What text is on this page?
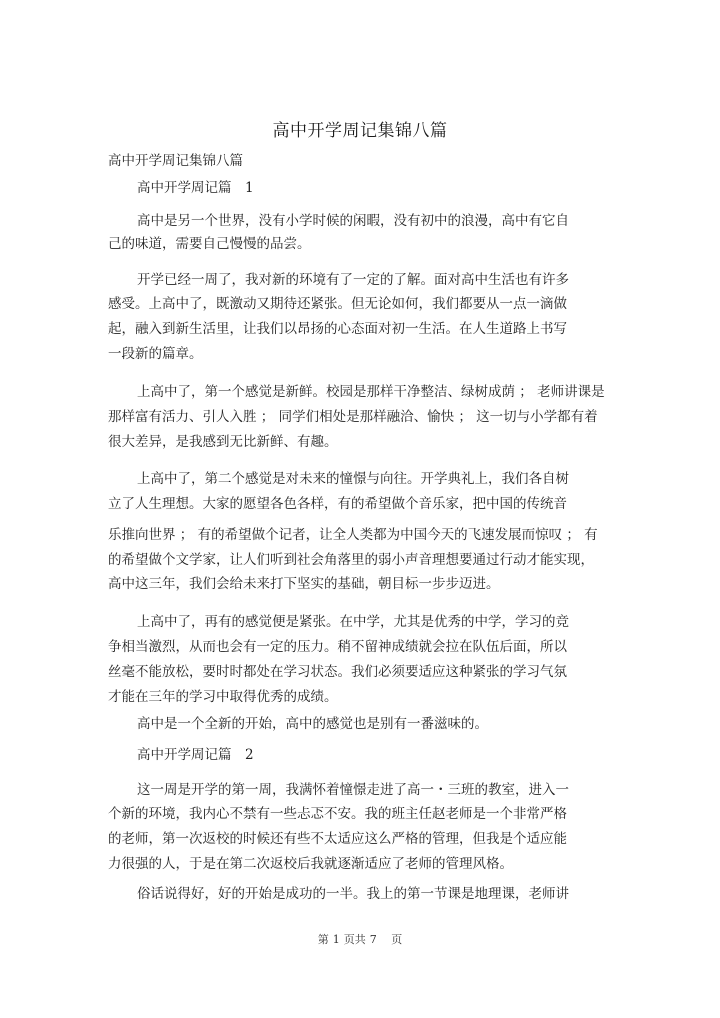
高中开学周记集锦八篇
高中开学周记集锦八篇
高中开学周记篇　1
高中是另一个世界，没有小学时候的闲暇，没有初中的浪漫，高中有它自
己的味道，需要自己慢慢的品尝。
开学已经一周了，我对新的环境有了一定的了解。面对高中生活也有许多
感受。上高中了，既激动又期待还紧张。但无论如何，我们都要从一点一滴做
起，融入到新生活里，让我们以昂扬的心态面对初一生活。在人生道路上书写
一段新的篇章。
上高中了，第一个感觉是新鲜。校园是那样干净整洁、绿树成荫 ； 老师讲课是
那样富有活力、引人入胜 ； 同学们相处是那样融洽、愉快 ； 这一切与小学都有着
很大差异，是我感到无比新鲜、有趣。
上高中了，第二个感觉是对未来的憧憬与向往。开学典礼上，我们各自树
立了人生理想。大家的愿望各色各样，有的希望做个音乐家，把中国的传统音
乐推向世界 ； 有的希望做个记者，让全人类都为中国今天的飞速发展而惊叹 ； 有
的希望做个文学家，让人们听到社会角落里的弱小声音理想要通过行动才能实现，
高中这三年，我们会给未来打下坚实的基础，朝目标一步步迈进。
上高中了，再有的感觉便是紧张。在中学，尤其是优秀的中学，学习的竞
争相当激烈，从而也会有一定的压力。稍不留神成绩就会拉在队伍后面，所以
丝毫不能放松，要时时都处在学习状态。我们必须要适应这种紧张的学习气氛
才能在三年的学习中取得优秀的成绩。
高中是一个全新的开始，高中的感觉也是别有一番滋味的。
高中开学周记篇　2
这一周是开学的第一周，我满怀着憧憬走进了高一・三班的教室，进入一
个新的环境，我内心不禁有一些忐忑不安。我的班主任赵老师是一个非常严格
的老师，第一次返校的时候还有些不太适应这么严格的管理，但我是个适应能
力很强的人，于是在第二次返校后我就逐渐适应了老师的管理风格。
俗话说得好，好的开始是成功的一半。我上的第一节课是地理课，老师讲
第 1 页共 7 页
